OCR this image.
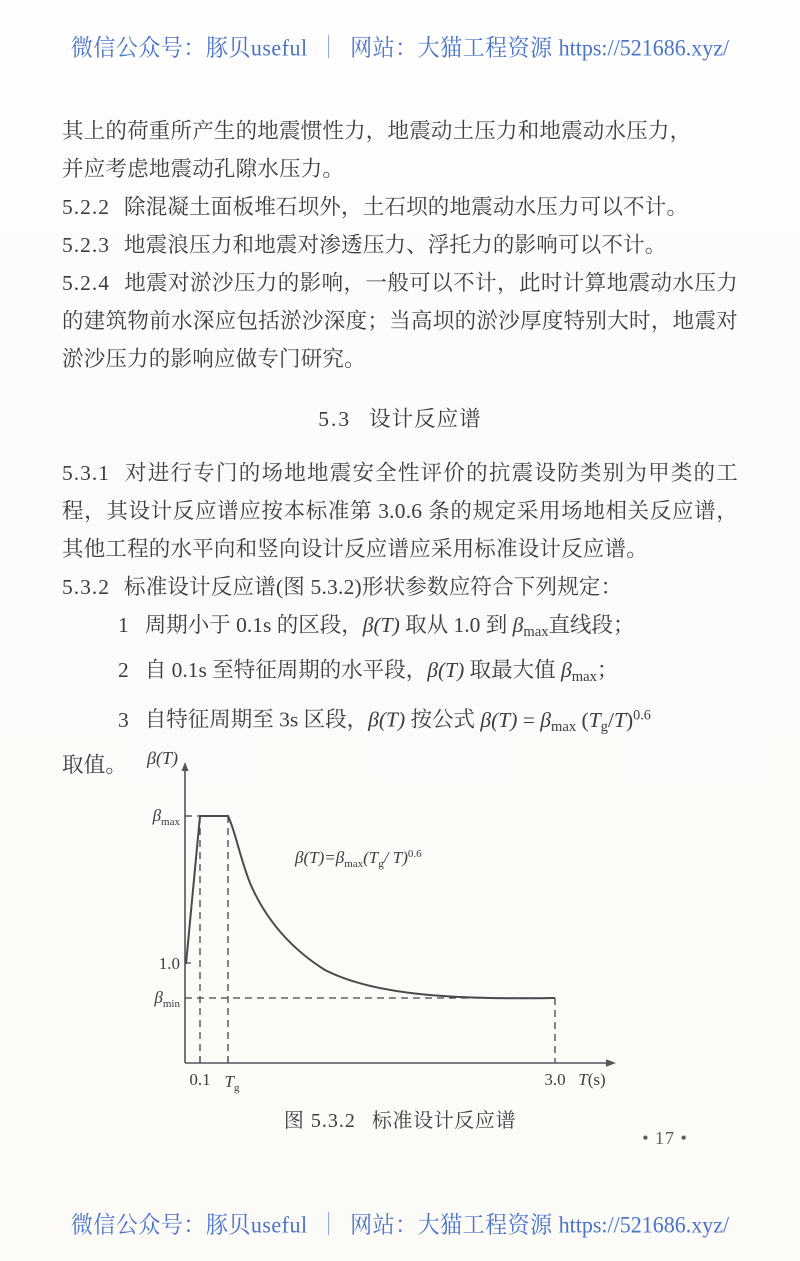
微信公众号：豚贝useful ｜ 网站：大猫工程资源 https://521686.xyz/

其上的荷重所产生的地震惯性力，地震动土压力和地震动水压力，
并应考虑地震动孔隙水压力。

5.2.2 除混凝土面板堆石坝外，土石坝的地震动水压力可以不计。

5.2.3 地震浪压力和地震对渗透压力、浮托力的影响可以不计。

5.2.4 地震对淤沙压力的影响，一般可以不计，此时计算地震动水压力的建筑物前水深应包括淤沙深度；当高坝的淤沙厚度特别大时，地震对淤沙压力的影响应做专门研究。

5.3 设计反应谱

5.3.1 对进行专门的场地地震安全性评价的抗震设防类别为甲类的工程，其设计反应谱应按本标准第 3.0.6 条的规定采用场地相关反应谱，其他工程的水平向和竖向设计反应谱应采用标准设计反应谱。

5.3.2 标准设计反应谱(图 5.3.2)形状参数应符合下列规定：

1 周期小于 0.1s 的区段，β(T) 取从 1.0 到 $\beta_{max}$直线段；

2 自 0.1s 至特征周期的水平段，β(T) 取最大值 $\beta_{max}$；

3 自特征周期至 3s 区段，β(T) 按公式 $\beta(T) = \beta_{max}$ $(T_g/T)^{0.6}$

取值。

$\beta_{max}$
1.0
$\beta_{min}$
β(T)
0.1 $T_g$	3.0 T(s)
$\beta(T)=\beta_{max}(T_g/$ T)$^{0.6}$
图 5.3.2 标准设计反应谱
• 17 •
微信公众号：豚贝useful ｜ 网站：大猫工程资源 https://521686.xyz/
